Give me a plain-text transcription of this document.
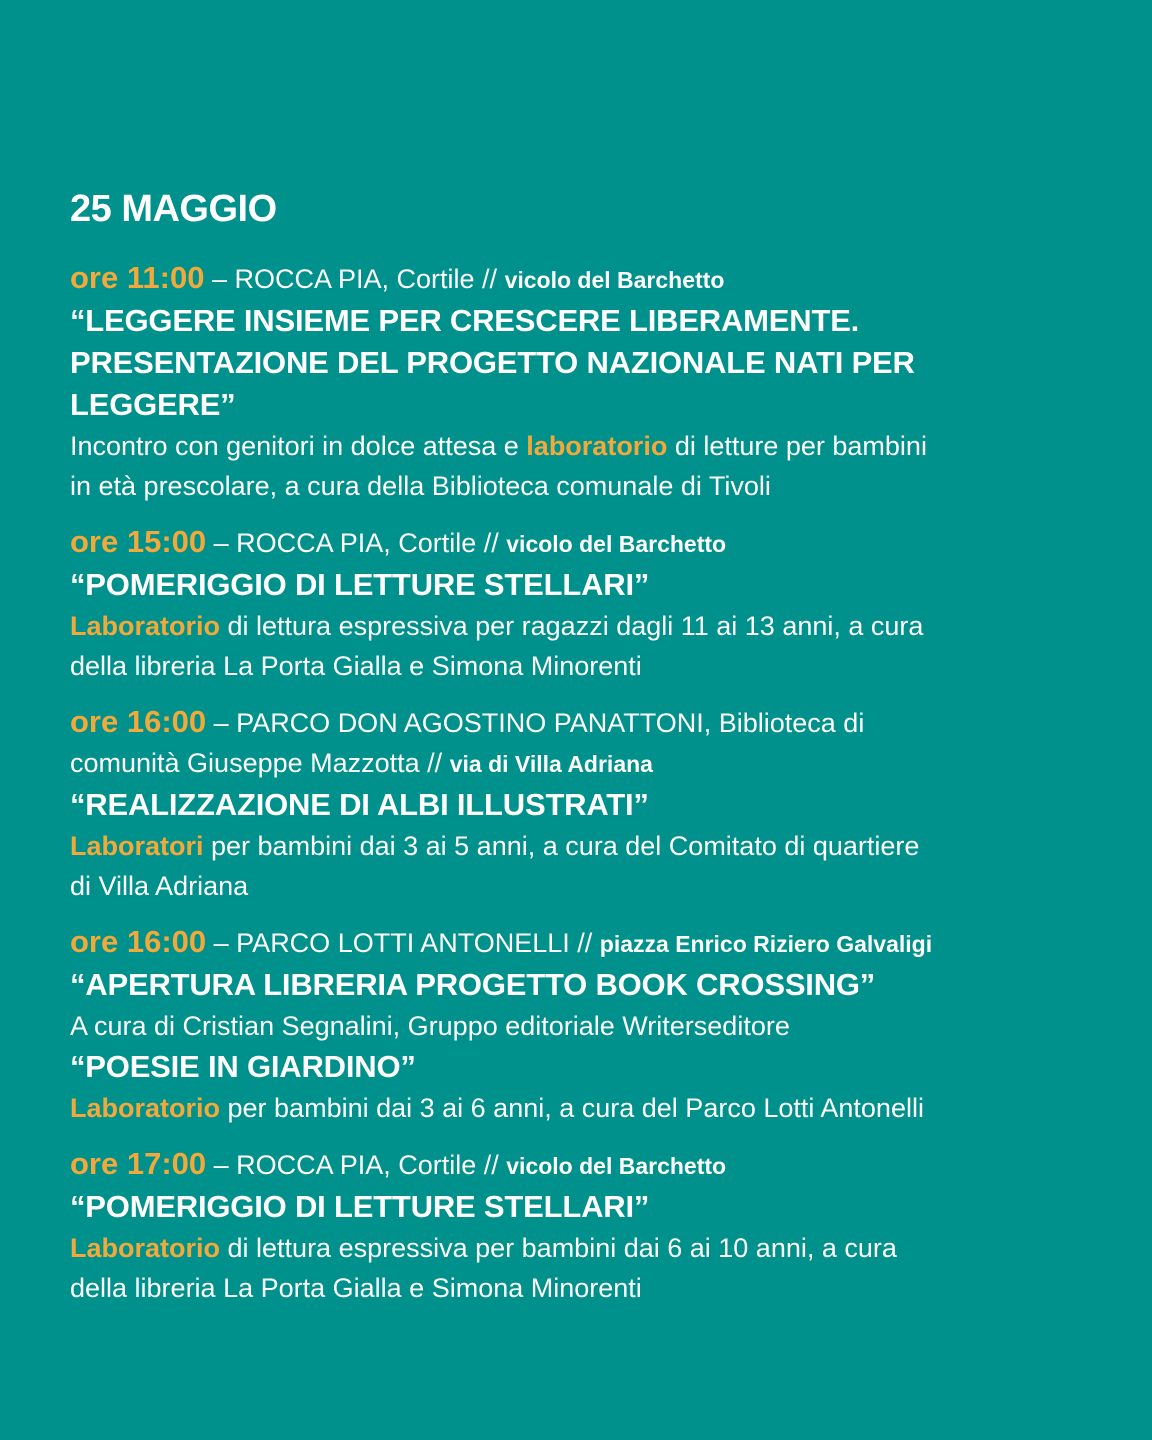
25 MAGGIO
ore 11:00 – ROCCA PIA, Cortile // vicolo del Barchetto
“LEGGERE INSIEME PER CRESCERE LIBERAMENTE.
PRESENTAZIONE DEL PROGETTO NAZIONALE NATI PER
LEGGERE”
Incontro con genitori in dolce attesa e laboratorio di letture per bambini
in età prescolare, a cura della Biblioteca comunale di Tivoli
ore 15:00 – ROCCA PIA, Cortile // vicolo del Barchetto
“POMERIGGIO DI LETTURE STELLARI”
Laboratorio di lettura espressiva per ragazzi dagli 11 ai 13 anni, a cura
della libreria La Porta Gialla e Simona Minorenti
ore 16:00 – PARCO DON AGOSTINO PANATTONI, Biblioteca di
comunità Giuseppe Mazzotta // via di Villa Adriana
“REALIZZAZIONE DI ALBI ILLUSTRATI”
Laboratori per bambini dai 3 ai 5 anni, a cura del Comitato di quartiere
di Villa Adriana
ore 16:00 – PARCO LOTTI ANTONELLI // piazza Enrico Riziero Galvaligi
“APERTURA LIBRERIA PROGETTO BOOK CROSSING”
A cura di Cristian Segnalini, Gruppo editoriale Writerseditore
“POESIE IN GIARDINO”
Laboratorio per bambini dai 3 ai 6 anni, a cura del Parco Lotti Antonelli
ore 17:00 – ROCCA PIA, Cortile // vicolo del Barchetto
“POMERIGGIO DI LETTURE STELLARI”
Laboratorio di lettura espressiva per bambini dai 6 ai 10 anni, a cura
della libreria La Porta Gialla e Simona Minorenti
